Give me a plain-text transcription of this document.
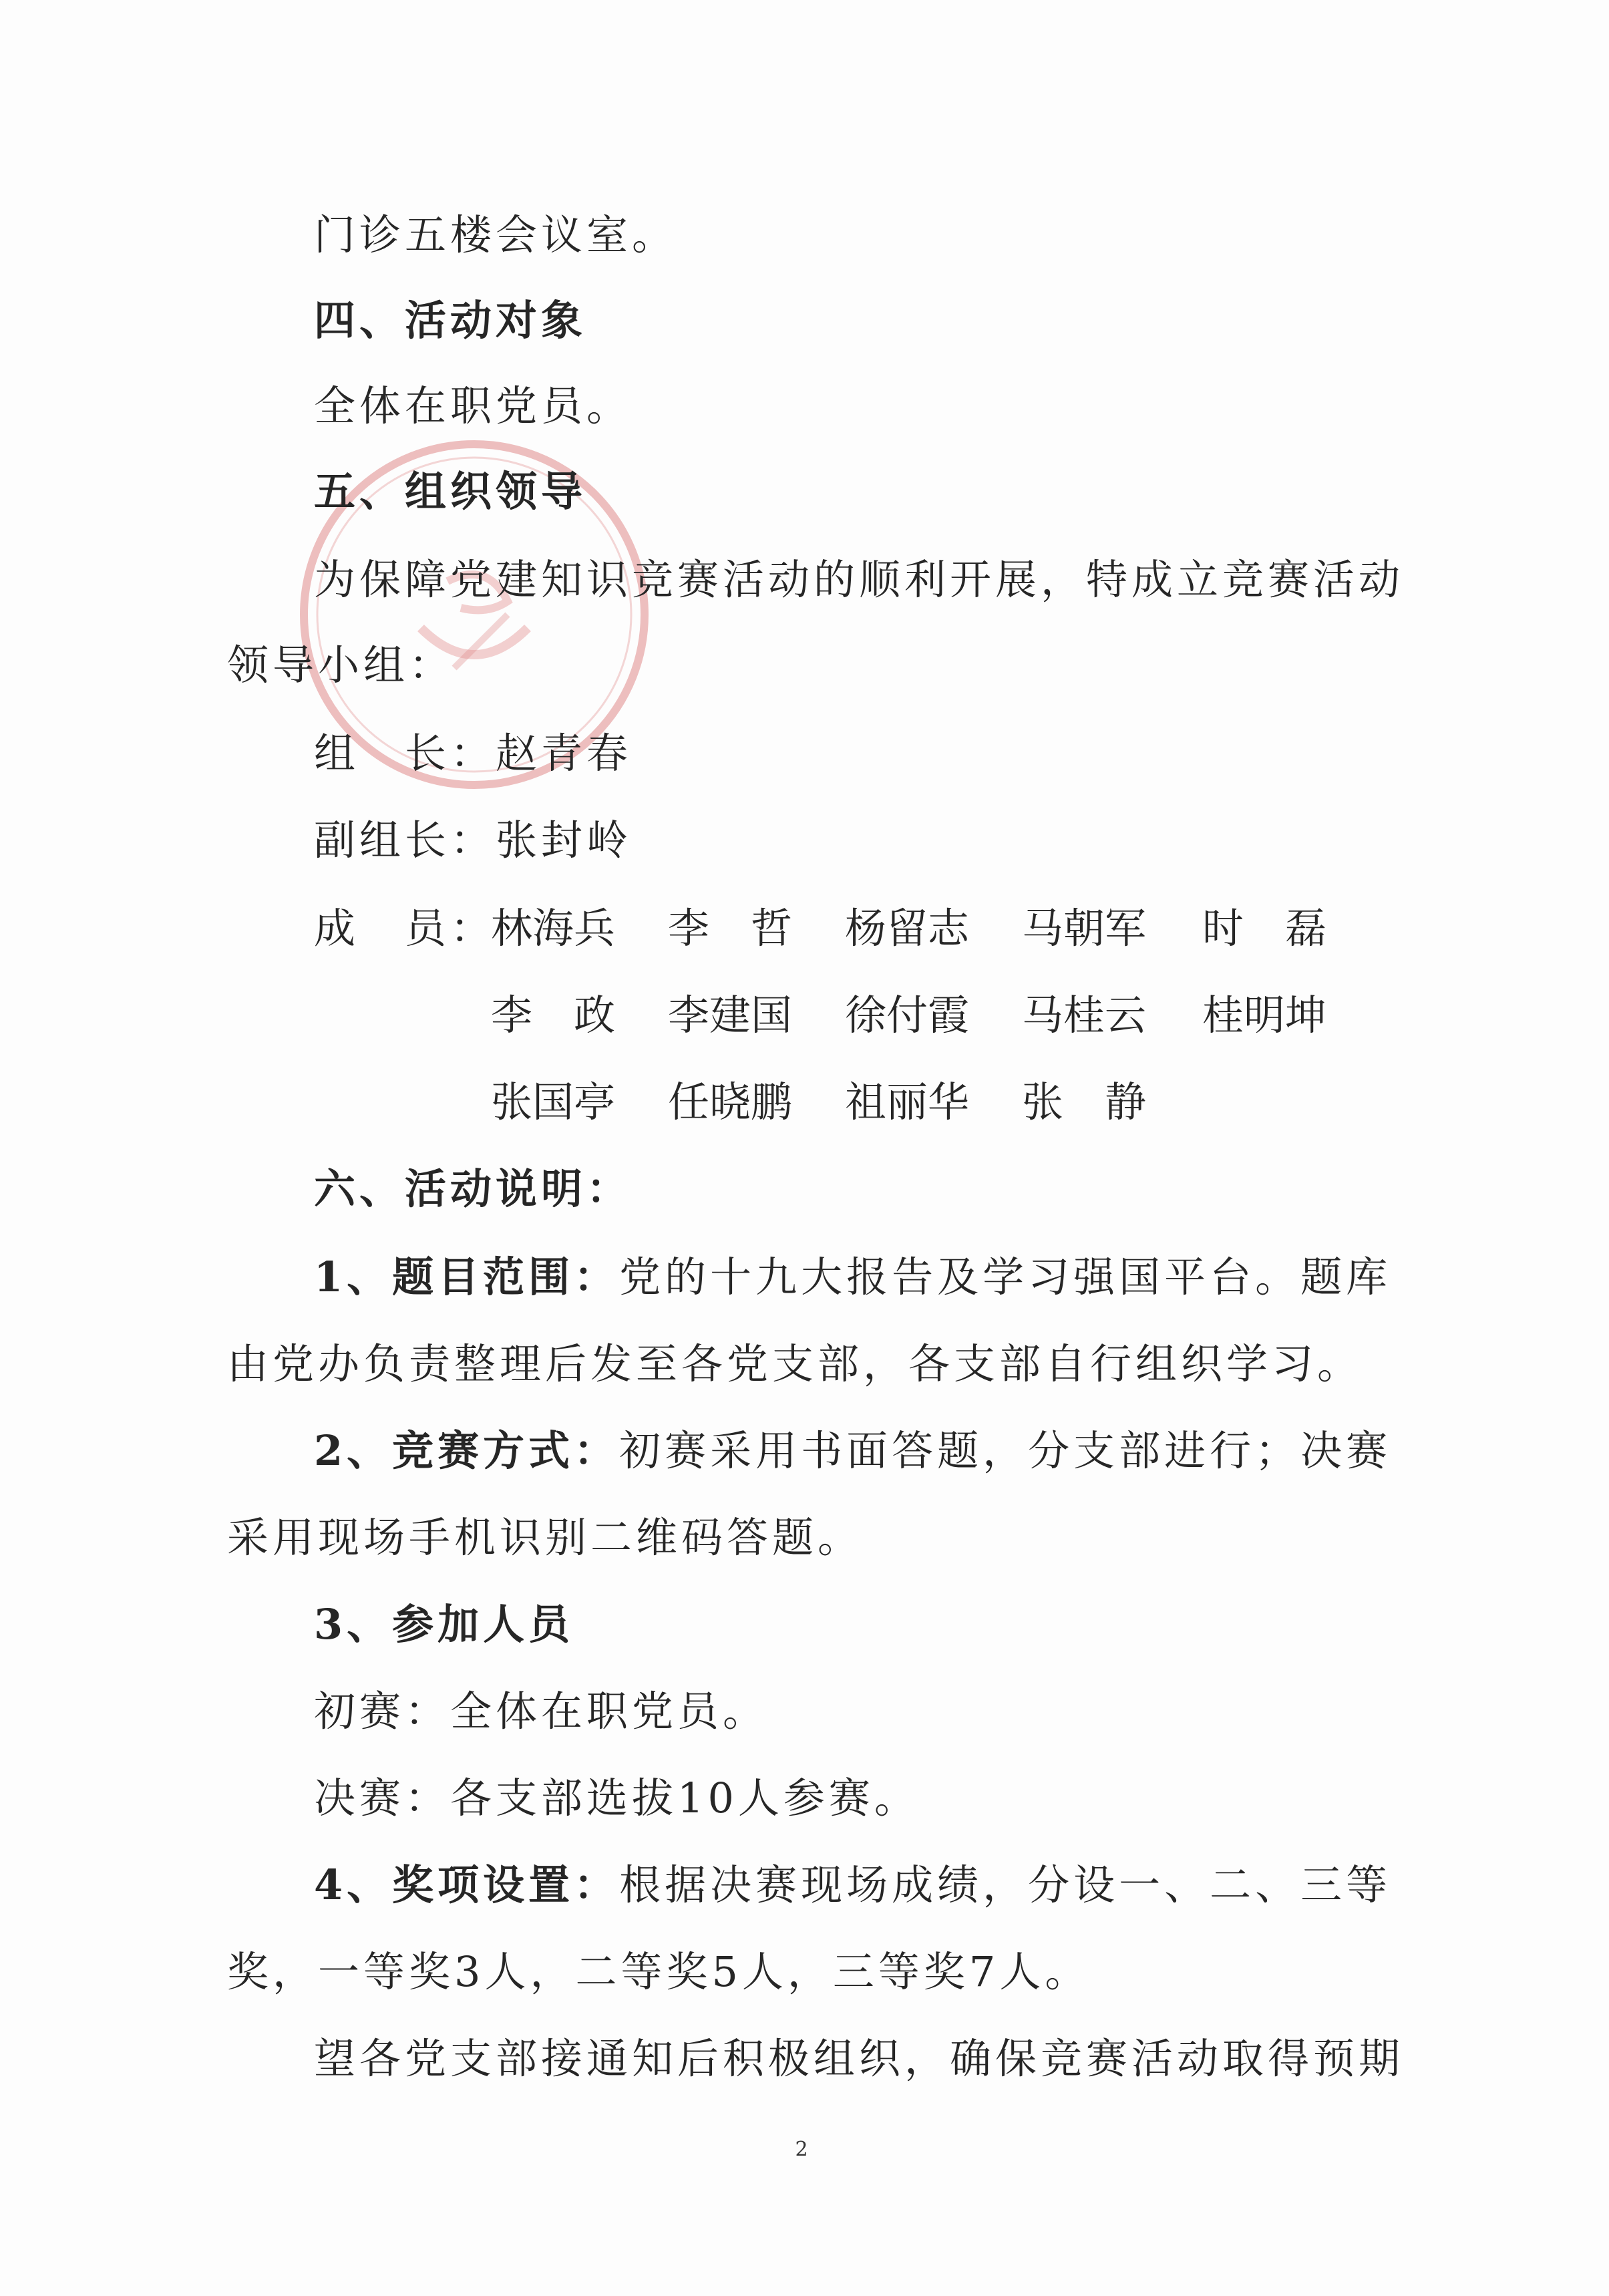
门诊五楼会议室。
四、活动对象
全体在职党员。
五、组织领导
为保障党建知识竞赛活动的顺利开展，特成立竞赛活动
领导小组：
组　长：赵青春
副组长：张封岭
成　员：
林海兵 李　哲 杨留志 马朝军 时　磊
李　政 李建国 徐付霞 马桂云 桂明坤
张国亭 任晓鹏 祖丽华 张　静
六、活动说明：
1、题目范围：党的十九大报告及学习强国平台。题库
由党办负责整理后发至各党支部，各支部自行组织学习。
2、竞赛方式：初赛采用书面答题，分支部进行；决赛
采用现场手机识别二维码答题。
3、参加人员
初赛：全体在职党员。
决赛：各支部选拔10人参赛。
4、奖项设置：根据决赛现场成绩，分设一、二、三等
奖，一等奖3人，二等奖5人，三等奖7人。
望各党支部接通知后积极组织，确保竞赛活动取得预期
2
